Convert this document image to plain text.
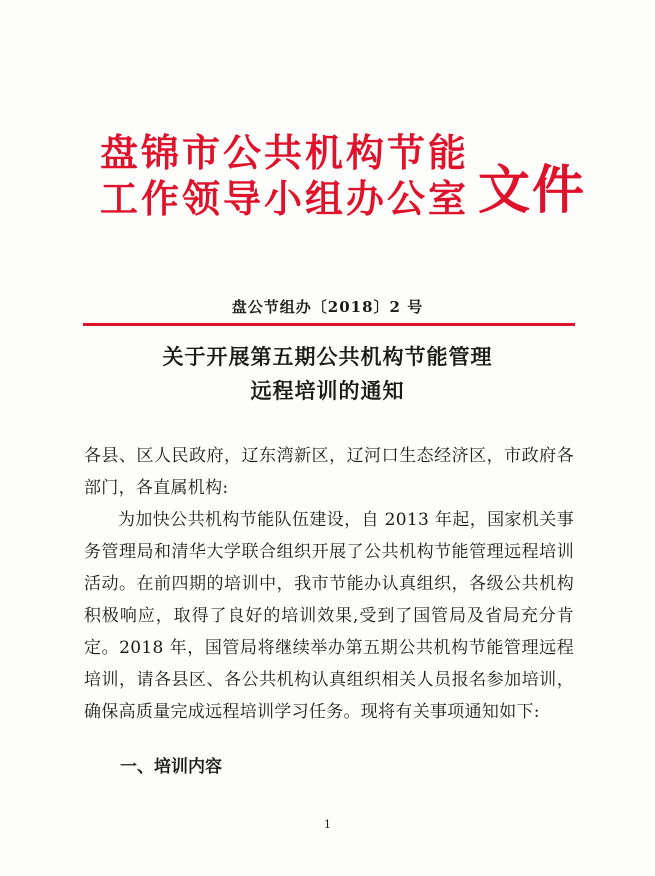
盘锦市公共机构节能
工作领导小组办公室 文件
盘公节组办〔2018〕2 号
关于开展第五期公共机构节能管理
远程培训的通知

各县、区人民政府，辽东湾新区，辽河口生态经济区，市政府各部门，各直属机构:

为加快公共机构节能队伍建设，自 2013 年起，国家机关事务管理局和清华大学联合组织开展了公共机构节能管理远程培训活动。在前四期的培训中，我市节能办认真组织，各级公共机构积极响应，取得了良好的培训效果,受到了国管局及省局充分肯定。2018 年，国管局将继续举办第五期公共机构节能管理远程培训，请各县区、各公共机构认真组织相关人员报名参加培训，确保高质量完成远程培训学习任务。现将有关事项通知如下:

一、培训内容
1
